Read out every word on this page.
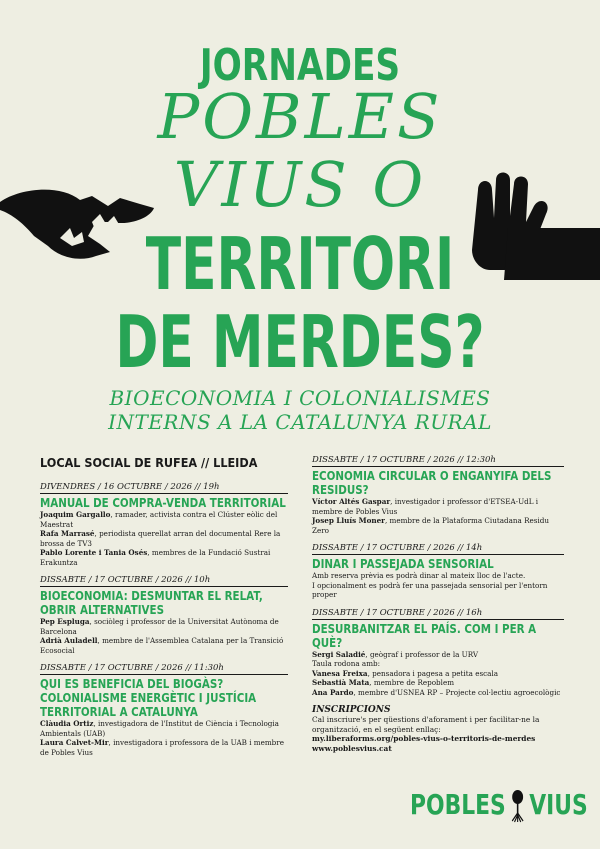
JORNADES
POBLES
VIUS O
TERRITORI
DE MERDES?
BIOECONOMIA I COLONIALISMES
INTERNS A LA CATALUNYA RURAL
LOCAL SOCIAL DE RUFEA // LLEIDA
DIVENDRES / 16 OCTUBRE / 2026 // 19h
MANUAL DE COMPRA-VENDA TERRITORIAL
Joaquim Gargallo, ramader, activista contra el Clúster eòlic del Maestrat
Rafa Marrasé, periodista querellat arran del documental Rere la brossa de TV3
Pablo Lorente i Tania Osés, membres de la Fundació Sustrai Erakuntza
DISSABTE / 17 OCTUBRE / 2026 // 10h
BIOECONOMIA: DESMUNTAR EL RELAT, OBRIR ALTERNATIVES
Pep Espluga, sociòleg i professor de la Universitat Autònoma de Barcelona
Adrià Auladell, membre de l'Assemblea Catalana per la Transició Ecosocial
DISSABTE / 17 OCTUBRE / 2026 // 11:30h
QUI ES BENEFICIA DEL BIOGÀS? COLONIALISME ENERGÈTIC I JUSTÍCIA TERRITORIAL A CATALUNYA
Clàudia Ortiz, investigadora de l'Institut de Ciència i Tecnologia Ambientals (UAB)
Laura Calvet-Mir, investigadora i professora de la UAB i membre de Pobles Vius
DISSABTE / 17 OCTUBRE / 2026 // 12:30h
ECONOMIA CIRCULAR O ENGANYIFA DELS RESIDUS?
Víctor Altés Gaspar, investigador i professor d'ETSEA-UdL i membre de Pobles Vius
Josep Lluís Moner, membre de la Plataforma Ciutadana Residu Zero
DISSABTE / 17 OCTUBRE / 2026 // 14h
DINAR I PASSEJADA SENSORIAL
Amb reserva prèvia es podrà dinar al mateix lloc de l'acte.
I opcionalment es podrà fer una passejada sensorial per l'entorn proper
DISSABTE / 17 OCTUBRE / 2026 // 16h
DESURBANITZAR EL PAÍS. COM I PER A QUÈ?
Sergi Saladié, geògraf i professor de la URV
Taula rodona amb:
Vanesa Freixa, pensadora i pagesa a petita escala
Sebastià Mata, membre de Repoblem
Ana Pardo, membre d'USNEA RP – Projecte col·lectiu agroecològic
INSCRIPCIONS
Cal inscriure's per qüestions d'aforament i per facilitar-ne la organització, en el següent enllaç:
my.liberaforms.org/pobles-vius-o-territoris-de-merdes
www.poblesvius.cat
POBLES VIUS
